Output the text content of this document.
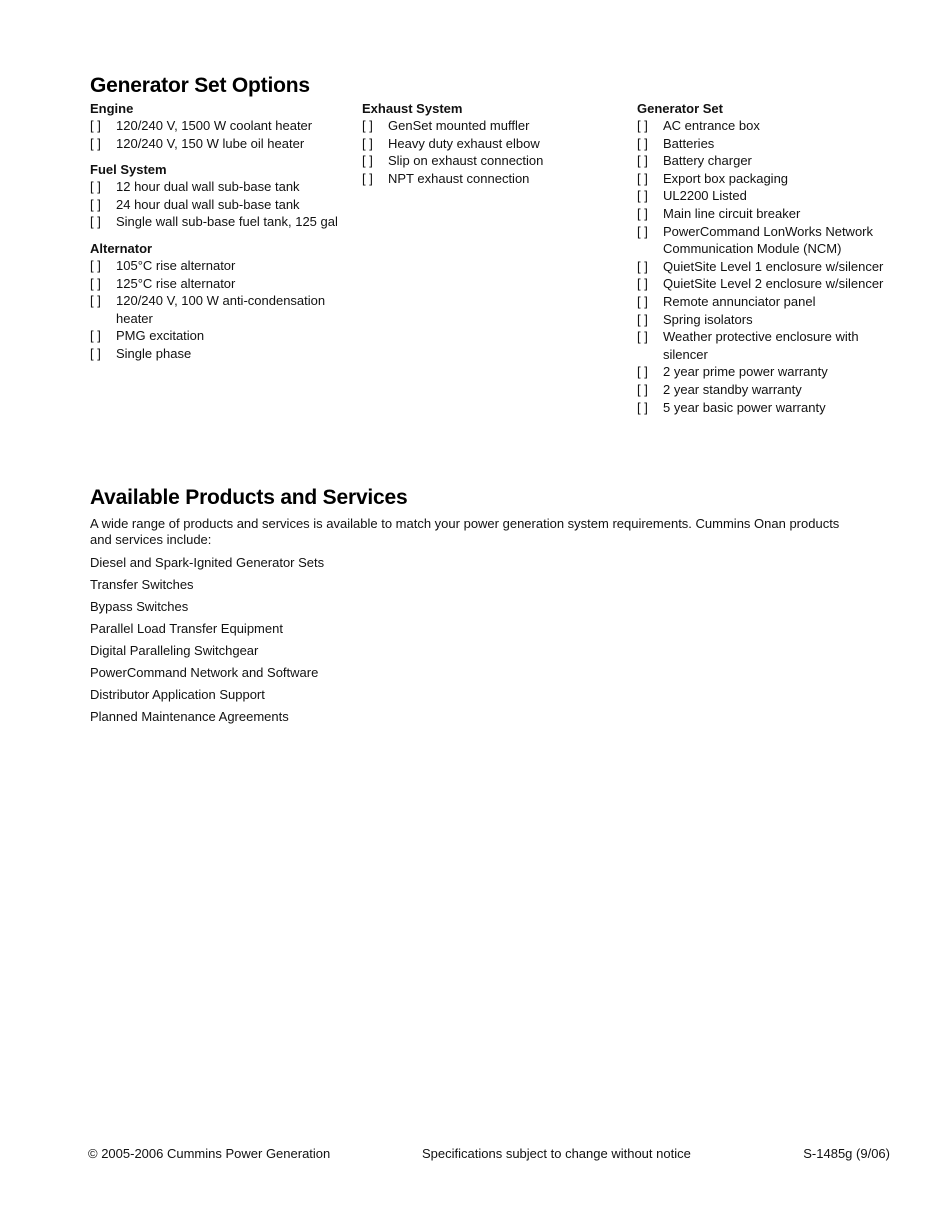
Generator Set Options
Engine
[ ]	120/240 V, 1500 W coolant heater
[ ]	120/240 V, 150 W lube oil heater
Fuel System
[ ]	12 hour dual wall sub-base tank
[ ]	24 hour dual wall sub-base tank
[ ]	Single wall sub-base fuel tank, 125 gal
Alternator
[ ]	105°C rise alternator
[ ]	125°C rise alternator
[ ]	120/240 V, 100 W anti-condensation heater
[ ]	PMG excitation
[ ]	Single phase
Exhaust System
[ ]	GenSet mounted muffler
[ ]	Heavy duty exhaust elbow
[ ]	Slip on exhaust connection
[ ]	NPT exhaust connection
Generator Set
[ ]	AC entrance box
[ ]	Batteries
[ ]	Battery charger
[ ]	Export box packaging
[ ]	UL2200 Listed
[ ]	Main line circuit breaker
[ ]	PowerCommand LonWorks Network Communication Module (NCM)
[ ]	QuietSite Level 1 enclosure w/silencer
[ ]	QuietSite Level 2 enclosure w/silencer
[ ]	Remote annunciator panel
[ ]	Spring isolators
[ ]	Weather protective enclosure with silencer
[ ]	2 year prime power warranty
[ ]	2 year standby warranty
[ ]	5 year basic power warranty
Available Products and Services
A wide range of products and services is available to match your power generation system requirements. Cummins Onan products and services include:
Diesel and Spark-Ignited Generator Sets
Transfer Switches
Bypass Switches
Parallel Load Transfer Equipment
Digital Paralleling Switchgear
PowerCommand Network and Software
Distributor Application Support
Planned Maintenance Agreements
© 2005-2006 Cummins Power Generation	Specifications subject to change without notice	S-1485g (9/06)
